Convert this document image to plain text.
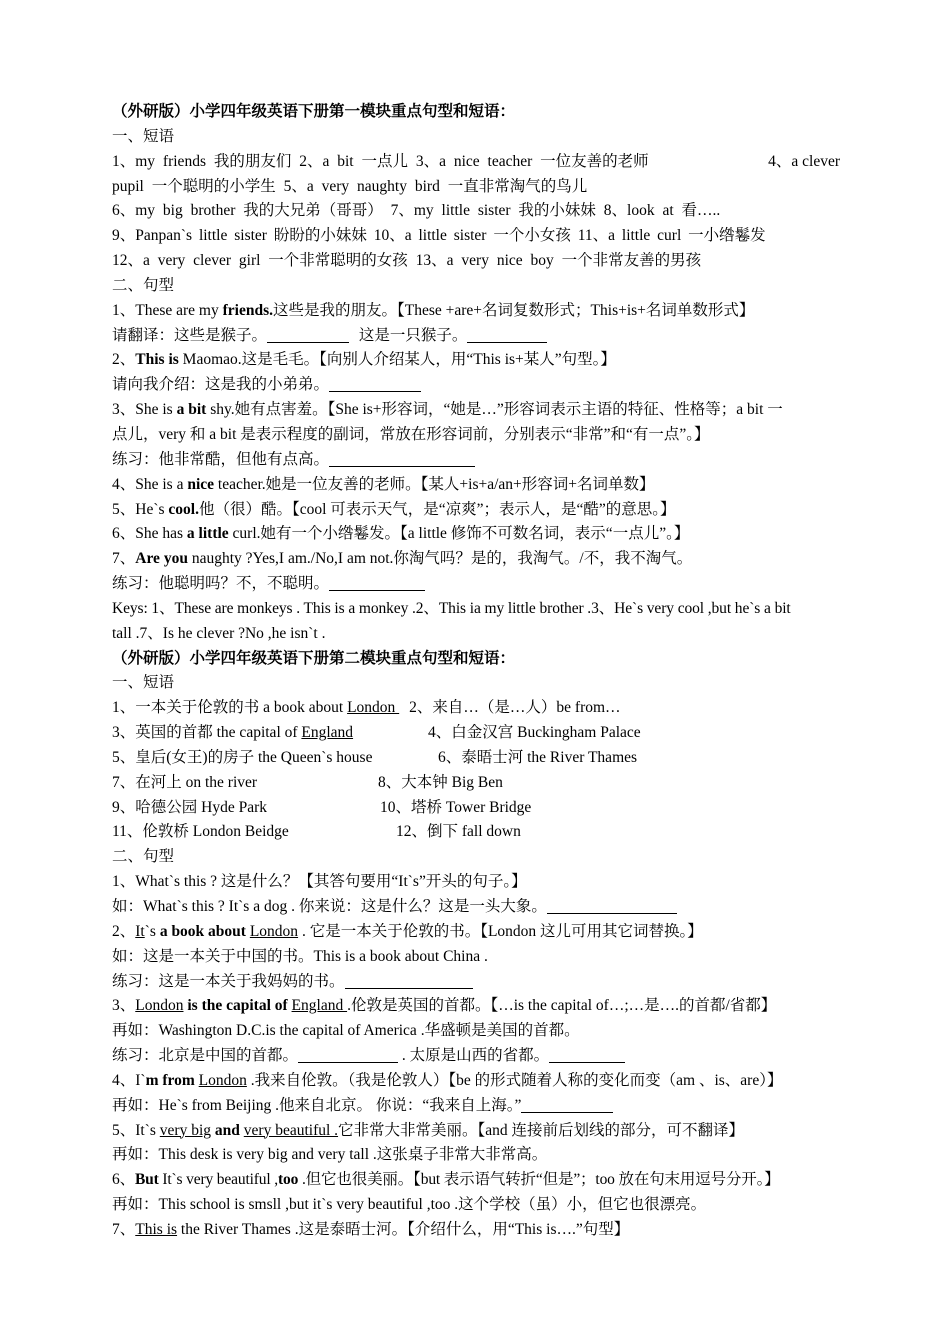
（外研版）小学四年级英语下册第一模块重点句型和短语：
一、短语
1、my friends 我的朋友们 2、a bit 一点儿 3、a nice teacher 一位友善的老师	4、a clever
pupil 一个聪明的小学生 5、a very naughty bird 一直非常淘气的鸟儿
6、my big brother 我的大兄弟（哥哥） 7、my little sister 我的小妹妹 8、look at 看…..
9、Panpan`s little sister 盼盼的小妹妹 10、a little sister 一个小女孩 11、a little curl 一小绺鬈发
12、a very clever girl 一个非常聪明的女孩 13、a very nice boy 一个非常友善的男孩
二、句型
1、These are my friends.这些是我的朋友。【These +are+名词复数形式；This+is+名词单数形式】
请翻译：这些是猴子。	这是一只猴子。
2、This is Maomao.这是毛毛。【向别人介绍某人，用“This is+某人”句型。】
请向我介绍：这是我的小弟弟。
3、She is a bit shy.她有点害羞。【She is+形容词，“她是…”形容词表示主语的特征、性格等；a bit 一
点儿，very 和 a bit 是表示程度的副词，常放在形容词前，分别表示“非常”和“有一点”。】
练习：他非常酷，但他有点高。
4、She is a nice teacher.她是一位友善的老师。【某人+is+a/an+形容词+名词单数】
5、He`s cool.他（很）酷。【cool 可表示天气，是“凉爽”；表示人，是“酷”的意思。】
6、She has a little curl.她有一个小绺鬈发。【a little 修饰不可数名词，表示“一点儿”。】
7、Are you naughty ?Yes,I am./No,I am not.你淘气吗？是的，我淘气。/不，我不淘气。
练习：他聪明吗？不，不聪明。
Keys: 1、These are monkeys . This is a monkey .2、This ia my little brother .3、He`s very cool ,but he`s a bit
tall .7、Is he clever ?No ,he isn`t .
（外研版）小学四年级英语下册第二模块重点句型和短语：
一、短语
1、一本关于伦敦的书 a book about London 2、来自…（是…人）be from…
3、英国的首都 the capital of England	4、白金汉宫 Buckingham Palace
5、皇后(女王)的房子 the Queen`s house	6、泰晤士河 the River Thames
7、在河上 on the river	8、大本钟 Big Ben
9、哈德公园 Hyde Park	10、塔桥 Tower Bridge
11、伦敦桥 London Beidge	12、倒下 fall down
二、句型
1、What`s this ? 这是什么？【其答句要用“It`s”开头的句子。】
如：What`s this ? It`s a dog . 你来说：这是什么？这是一头大象。
2、It`s a book about London . 它是一本关于伦敦的书。【London 这儿可用其它词替换。】
如：这是一本关于中国的书。This is a book about China .
练习：这是一本关于我妈妈的书。
3、London is the capital of England .伦敦是英国的首都。【…is the capital of…;…是….的首都/省都】
再如：Washington D.C.is the capital of America .华盛顿是美国的首都。
练习：北京是中国的首都。	. 太原是山西的省都。
4、I`m from London .我来自伦敦。（我是伦敦人）【be 的形式随着人称的变化而变（am 、is、are）】
再如：He`s from Beijing .他来自北京。 你说：“我来自上海。”
5、It`s very big and very beautiful .它非常大非常美丽。【and 连接前后划线的部分，可不翻译】
再如：This desk is very big and very tall .这张桌子非常大非常高。
6、But It`s very beautiful ,too .但它也很美丽。【but 表示语气转折“但是”；too 放在句末用逗号分开。】
再如：This school is smsll ,but it`s very beautiful ,too .这个学校（虽）小，但它也很漂亮。
7、This is the River Thames .这是泰晤士河。【介绍什么，用“This is….”句型】
